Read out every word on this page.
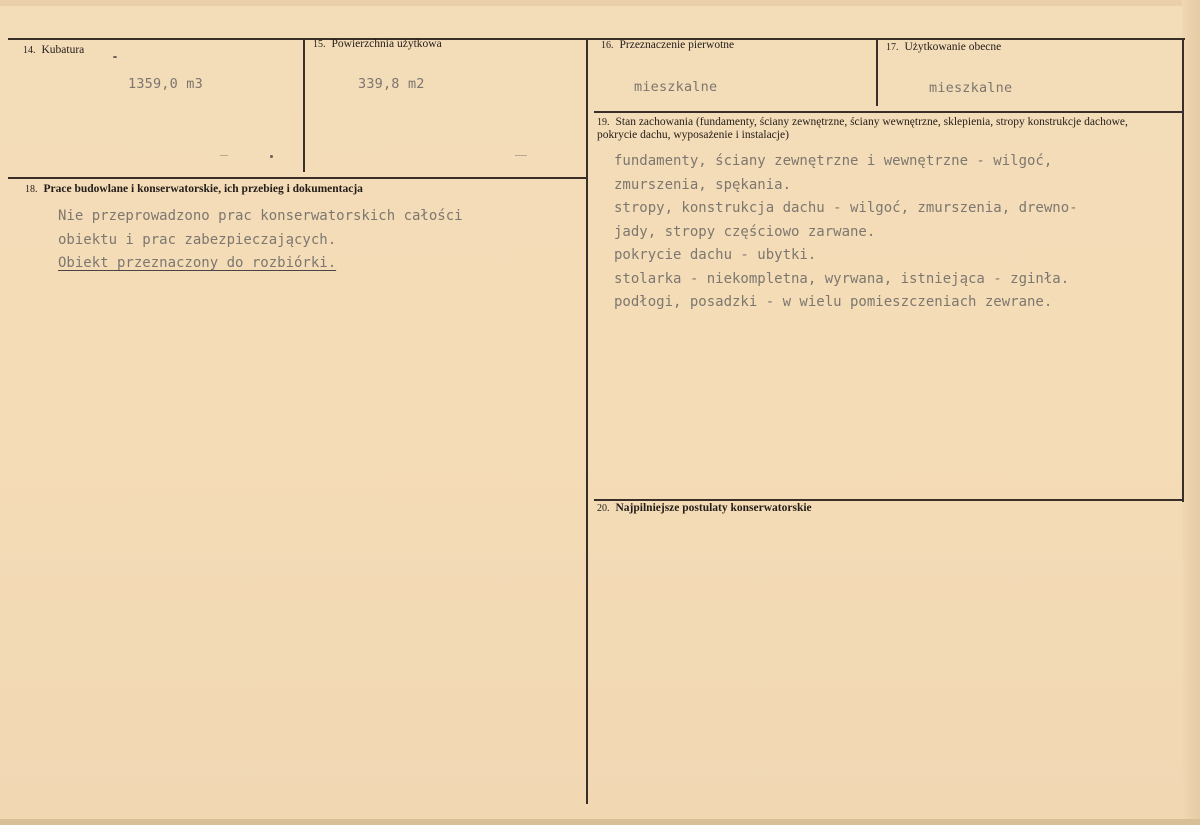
14. Kubatura
1359,0 m3
15. Powierzchnia użytkowa
339,8 m2
16. Przeznaczenie pierwotne
mieszkalne
17. Użytkowanie obecne
mieszkalne
18. Prace budowlane i konserwatorskie, ich przebieg i dokumentacja
Nie przeprowadzono prac konserwatorskich całości
obiektu i prac zabezpieczających.
Obiekt przeznaczony do rozbiórki.
19. Stan zachowania (fundamenty, ściany zewnętrzne, ściany wewnętrzne, sklepienia, stropy konstrukcje dachowe, pokrycie dachu, wyposażenie i instalacje)
fundamenty, ściany zewnętrzne i wewnętrzne - wilgoć,
zmurszenia, spękania.
stropy, konstrukcja dachu - wilgoć, zmurszenia, drewno-
jady, stropy częściowo zarwane.
pokrycie dachu - ubytki.
stolarka - niekompletna, wyrwana, istniejąca - zginła.
podłogi, posadzki - w wielu pomieszczeniach zewrane.
20. Najpilniejsze postulaty konserwatorskie
